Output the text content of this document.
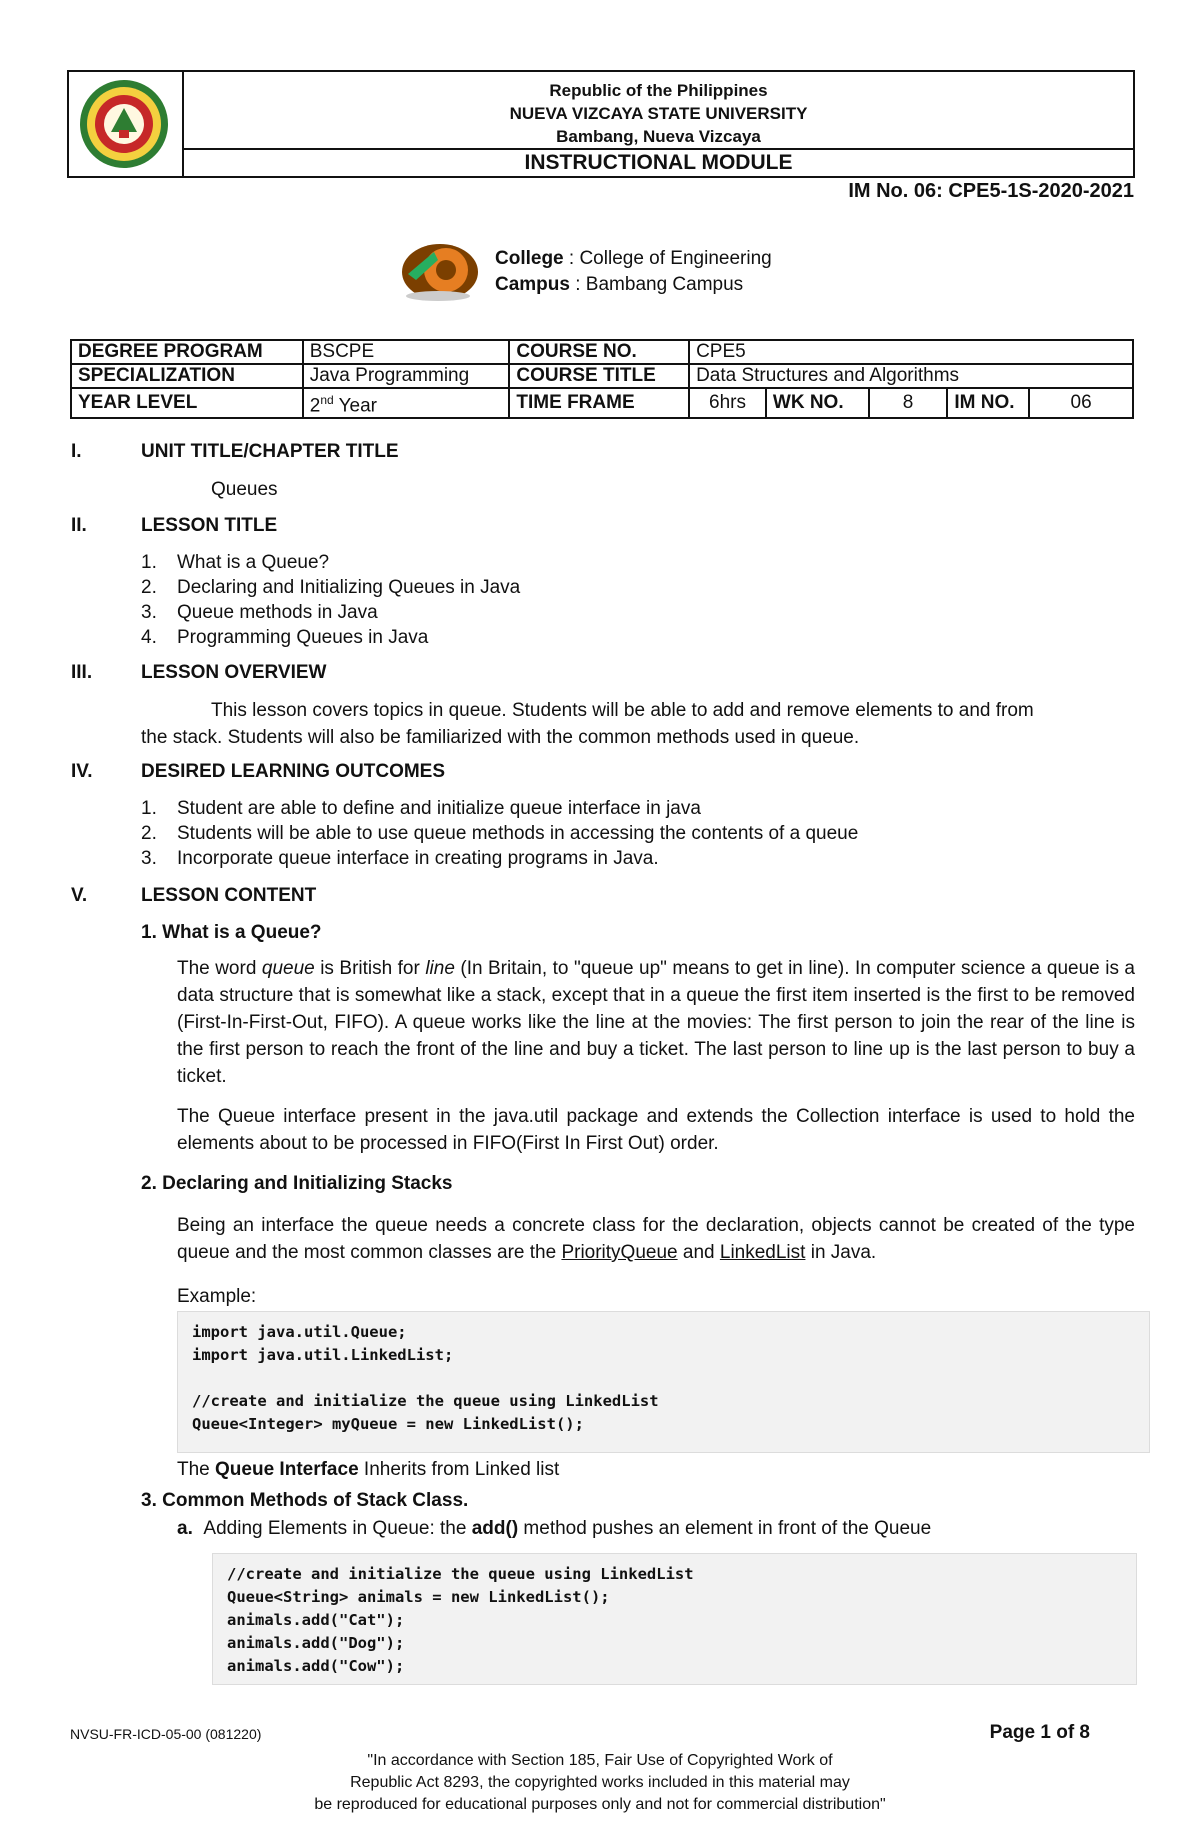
Republic of the Philippines
NUEVA VIZCAYA STATE UNIVERSITY
Bambang, Nueva Vizcaya
INSTRUCTIONAL MODULE
IM No. 06: CPE5-1S-2020-2021
College : College of Engineering
Campus : Bambang Campus
DEGREE PROGRAM	BSCPE	COURSE NO.	CPE5				
SPECIALIZATION	Java Programming	COURSE TITLE	Data Structures and Algorithms				
YEAR LEVEL	2nd Year	TIME FRAME	6hrs	WK NO.	8	IM NO.	06
I.	UNIT TITLE/CHAPTER TITLE
Queues
II.	LESSON TITLE
1. What is a Queue?
2. Declaring and Initializing Queues in Java
3. Queue methods in Java
4. Programming Queues in Java
III.	LESSON OVERVIEW
This lesson covers topics in queue. Students will be able to add and remove elements to and from
the stack. Students will also be familiarized with the common methods used in queue.
IV.	DESIRED LEARNING OUTCOMES
1. Student are able to define and initialize queue interface in java
2. Students will be able to use queue methods in accessing the contents of a queue
3. Incorporate queue interface in creating programs in Java.
V.	LESSON CONTENT
1. What is a Queue?
The word queue is British for line (In Britain, to "queue up" means to get in line). In computer science a queue is a data structure that is somewhat like a stack, except that in a queue the first item inserted is the first to be removed (First-In-First-Out, FIFO). A queue works like the line at the movies: The first person to join the rear of the line is the first person to reach the front of the line and buy a ticket. The last person to line up is the last person to buy a ticket.
The Queue interface present in the java.util package and extends the Collection interface is used to hold the elements about to be processed in FIFO(First In First Out) order.
2. Declaring and Initializing Stacks
Being an interface the queue needs a concrete class for the declaration, objects cannot be created of the type queue and the most common classes are the PriorityQueue and LinkedList in Java.
Example:
import java.util.Queue;
import java.util.LinkedList;

//create and initialize the queue using LinkedList
Queue<Integer> myQueue = new LinkedList();
The Queue Interface Inherits from Linked list
3. Common Methods of Stack Class.
a. Adding Elements in Queue: the add() method pushes an element in front of the Queue
//create and initialize the queue using LinkedList
Queue<String> animals = new LinkedList();
animals.add("Cat");
animals.add("Dog");
animals.add("Cow");
NVSU-FR-ICD-05-00 (081220)	Page 1 of 8
"In accordance with Section 185, Fair Use of Copyrighted Work of
Republic Act 8293, the copyrighted works included in this material may
be reproduced for educational purposes only and not for commercial distribution"
